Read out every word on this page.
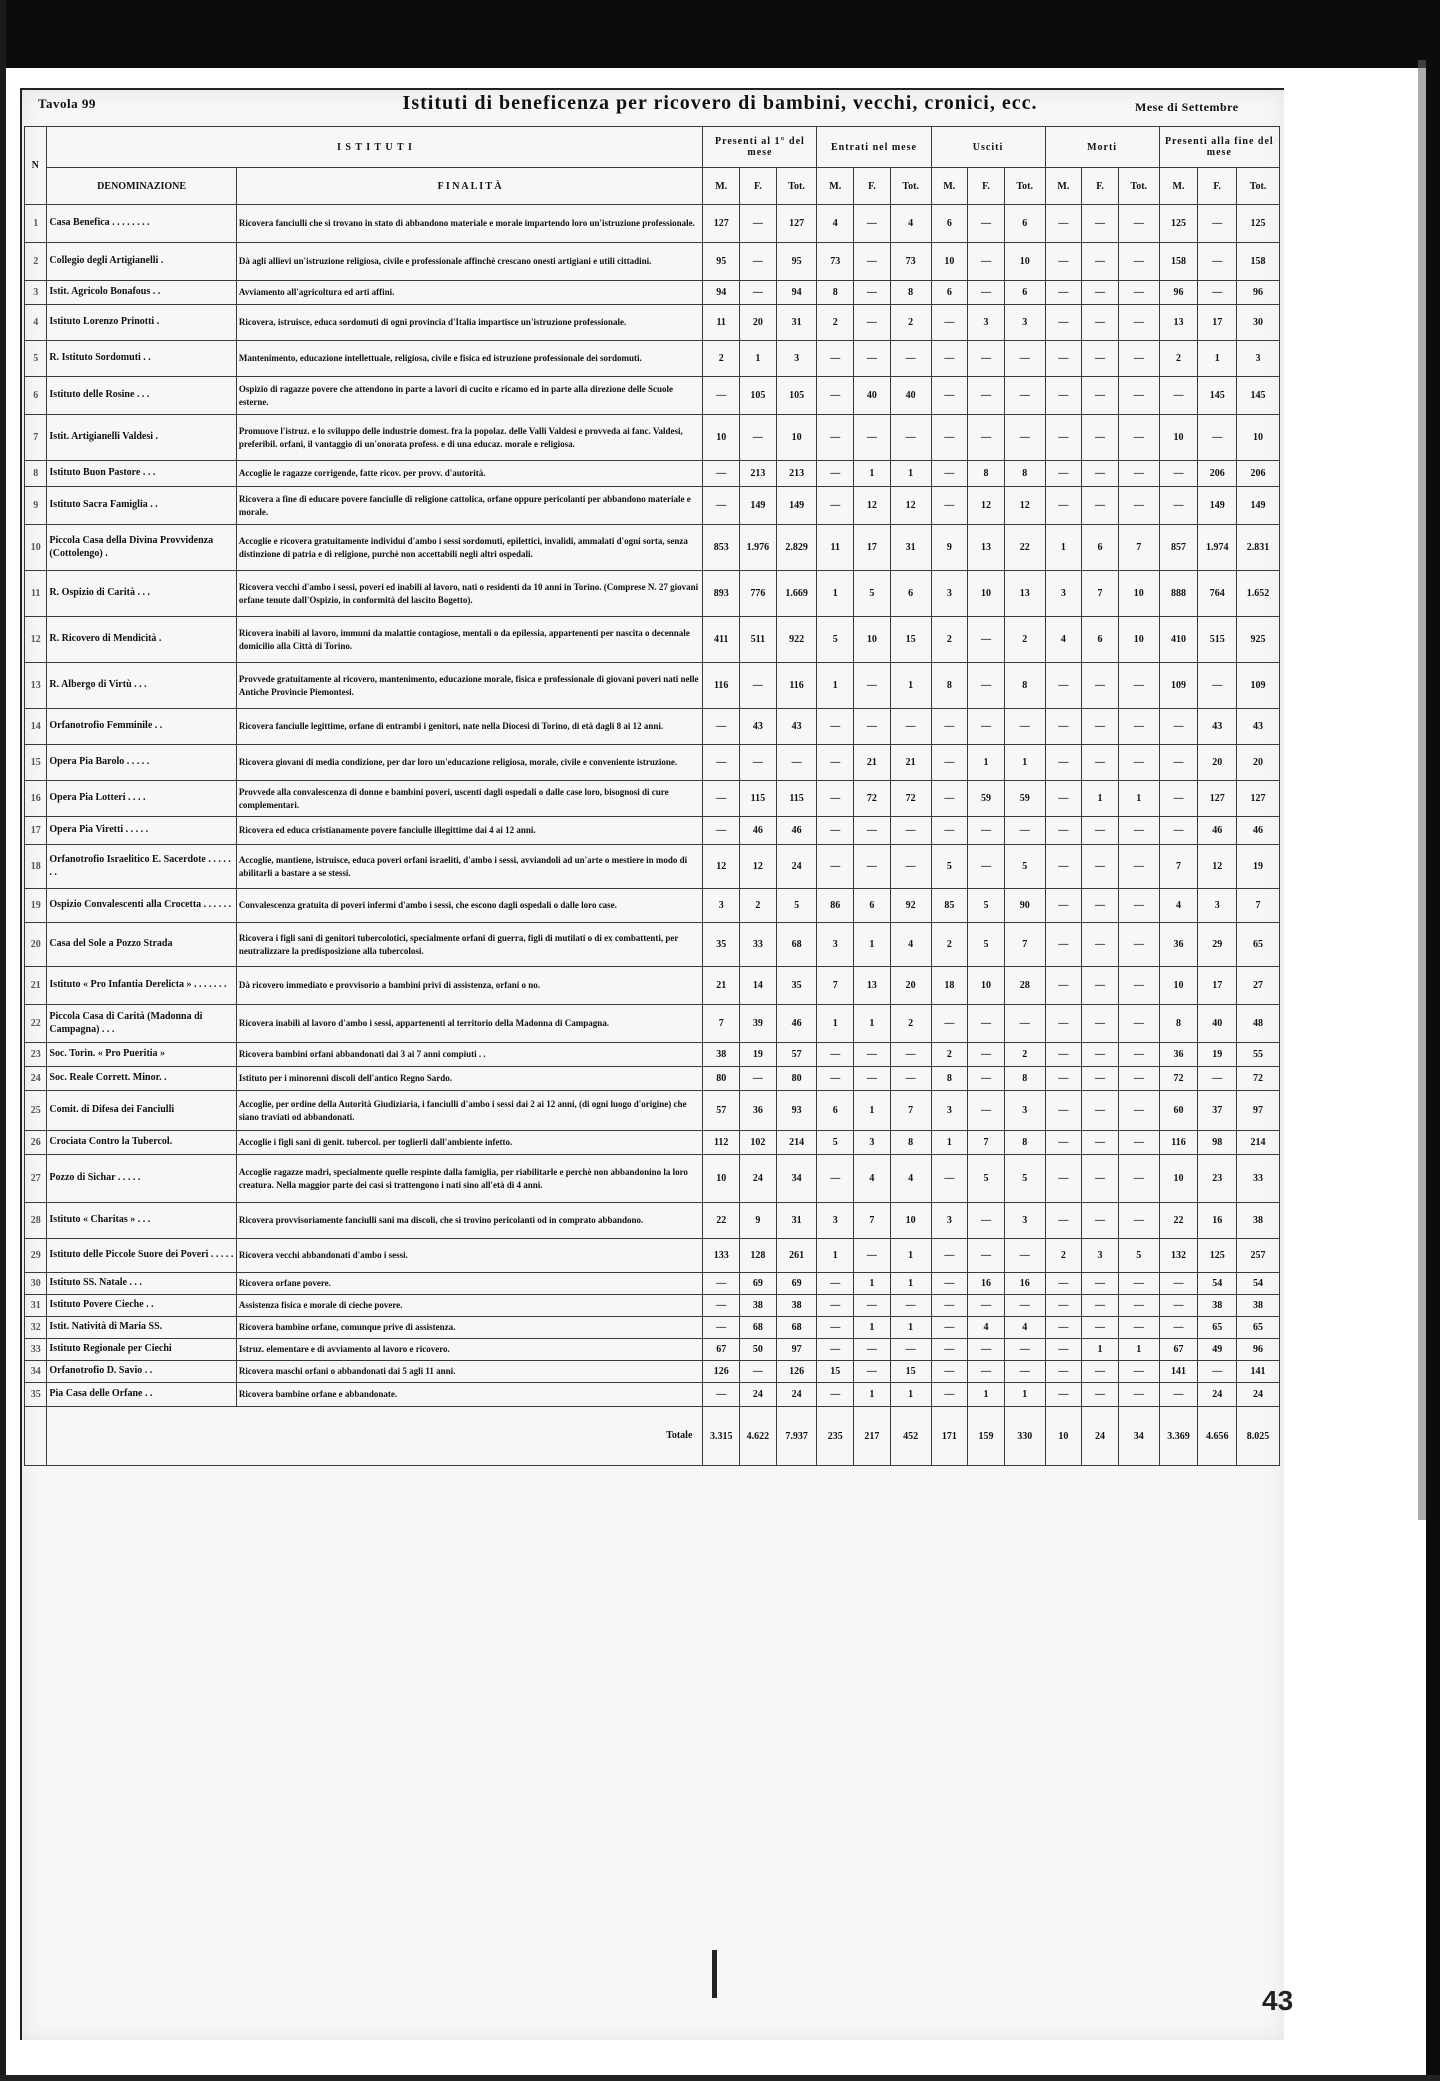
Tavola 99	Istituti di beneficenza per ricovero di bambini, vecchi, cronici, ecc.	Mese di Settembre
N	I S T I T U T I		Presenti al 1° del mese			Entrati nel mese			Usciti			Morti			Presenti alla fine del mese		
	DENOMINAZIONE	F I N A L I T À	M.	F.	Tot.	M.	F.	Tot.	M.	F.	Tot.	M.	F.	Tot.	M.	F.	Tot.
1	Casa Benefica . . . . . . . .	Ricovera fanciulli che si trovano in stato di abbandono materiale e morale impartendo loro un'istruzione professionale.	127	—	127	4	—	4	6	—	6	—	—	—	125	—	125
2	Collegio degli Artigianelli .	Dà agli allievi un'istruzione religiosa, civile e professionale affinchè crescano onesti artigiani e utili cittadini.	95	—	95	73	—	73	10	—	10	—	—	—	158	—	158
3	Istit. Agricolo Bonafous . .	Avviamento all'agricoltura ed arti affini.	94	—	94	8	—	8	6	—	6	—	—	—	96	—	96
4	Istituto Lorenzo Prinotti .	Ricovera, istruisce, educa sordomuti di ogni provincia d'Italia impartisce un'istruzione professionale.	11	20	31	2	—	2	—	3	3	—	—	—	13	17	30
5	R. Istituto Sordomuti . .	Mantenimento, educazione intellettuale, religiosa, civile e fisica ed istruzione professionale dei sordomuti.	2	1	3	—	—	—	—	—	—	—	—	—	2	1	3
6	Istituto delle Rosine . . .	Ospizio di ragazze povere che attendono in parte a lavori di cucito e ricamo ed in parte alla direzione delle Scuole esterne.	—	105	105	—	40	40	—	—	—	—	—	—	—	145	145
7	Istit. Artigianelli Valdesi .	Promuove l'istruz. e lo sviluppo delle industrie domest. fra la popolaz. delle Valli Valdesi e provveda ai fanc. Valdesi, preferibil. orfani, il vantaggio di un'onorata profess. e di una educaz. morale e religiosa.	10	—	10	—	—	—	—	—	—	—	—	—	10	—	10
8	Istituto Buon Pastore . . .	Accoglie le ragazze corrigende, fatte ricov. per provv. d'autorità.	—	213	213	—	1	1	—	8	8	—	—	—	—	206	206
9	Istituto Sacra Famiglia . .	Ricovera a fine di educare povere fanciulle di religione cattolica, orfane oppure pericolanti per abbandono materiale e morale.	—	149	149	—	12	12	—	12	12	—	—	—	—	149	149
10	Piccola Casa della Divina Provvidenza (Cottolengo) .	Accoglie e ricovera gratuitamente individui d'ambo i sessi sordomuti, epilettici, invalidi, ammalati d'ogni sorta, senza distinzione di patria e di religione, purchè non accettabili negli altri ospedali.	853	1.976	2.829	11	17	31	9	13	22	1	6	7	857	1.974	2.831
11	R. Ospizio di Carità . . .	Ricovera vecchi d'ambo i sessi, poveri ed inabili al lavoro, nati o residenti da 10 anni in Torino. (Comprese N. 27 giovani orfane tenute dall'Ospizio, in conformità del lascito Bogetto).	893	776	1.669	1	5	6	3	10	13	3	7	10	888	764	1.652
12	R. Ricovero di Mendicità .	Ricovera inabili al lavoro, immuni da malattie contagiose, mentali o da epilessia, appartenenti per nascita o decennale domicilio alla Città di Torino.	411	511	922	5	10	15	2	—	2	4	6	10	410	515	925
13	R. Albergo di Virtù . . .	Provvede gratuitamente al ricovero, mantenimento, educazione morale, fisica e professionale di giovani poveri nati nelle Antiche Provincie Piemontesi.	116	—	116	1	—	1	8	—	8	—	—	—	109	—	109
14	Orfanotrofio Femminile . .	Ricovera fanciulle legittime, orfane di entrambi i genitori, nate nella Diocesi di Torino, di età dagli 8 ai 12 anni.	—	43	43	—	—	—	—	—	—	—	—	—	—	43	43
15	Opera Pia Barolo . . . . .	Ricovera giovani di media condizione, per dar loro un'educazione religiosa, morale, civile e conveniente istruzione.	—	—	—	—	21	21	—	1	1	—	—	—	—	20	20
16	Opera Pia Lotteri . . . .	Provvede alla convalescenza di donne e bambini poveri, uscenti dagli ospedali o dalle case loro, bisognosi di cure complementari.	—	115	115	—	72	72	—	59	59	—	1	1	—	127	127
17	Opera Pia Viretti . . . . .	Ricovera ed educa cristianamente povere fanciulle illegittime dai 4 ai 12 anni.	—	46	46	—	—	—	—	—	—	—	—	—	—	46	46
18	Orfanotrofio Israelitico E. Sacerdote . . . . . . .	Accoglie, mantiene, istruisce, educa poveri orfani israeliti, d'ambo i sessi, avviandoli ad un'arte o mestiere in modo di abilitarli a bastare a se stessi.	12	12	24	—	—	—	5	—	5	—	—	—	7	12	19
19	Ospizio Convalescenti alla Crocetta . . . . . .	Convalescenza gratuita di poveri infermi d'ambo i sessi, che escono dagli ospedali o dalle loro case.	3	2	5	86	6	92	85	5	90	—	—	—	4	3	7
20	Casa del Sole a Pozzo Strada	Ricovera i figli sani di genitori tubercolotici, specialmente orfani di guerra, figli di mutilati o di ex combattenti, per neutralizzare la predisposizione alla tubercolosi.	35	33	68	3	1	4	2	5	7	—	—	—	36	29	65
21	Istituto « Pro Infantia Derelicta » . . . . . . .	Dà ricovero immediato e provvisorio a bambini privi di assistenza, orfani o no.	21	14	35	7	13	20	18	10	28	—	—	—	10	17	27
22	Piccola Casa di Carità (Madonna di Campagna) . . .	Ricovera inabili al lavoro d'ambo i sessi, appartenenti al territorio della Madonna di Campagna.	7	39	46	1	1	2	—	—	—	—	—	—	8	40	48
23	Soc. Torin. « Pro Pueritia »	Ricovera bambini orfani abbandonati dai 3 ai 7 anni compiuti . .	38	19	57	—	—	—	2	—	2	—	—	—	36	19	55
24	Soc. Reale Corrett. Minor. .	Istituto per i minorenni discoli dell'antico Regno Sardo.	80	—	80	—	—	—	8	—	8	—	—	—	72	—	72
25	Comit. di Difesa dei Fanciulli	Accoglie, per ordine della Autorità Giudiziaria, i fanciulli d'ambo i sessi dai 2 ai 12 anni, (di ogni luogo d'origine) che siano traviati od abbandonati.	57	36	93	6	1	7	3	—	3	—	—	—	60	37	97
26	Crociata Contro la Tubercol.	Accoglie i figli sani di genit. tubercol. per toglierli dall'ambiente infetto.	112	102	214	5	3	8	1	7	8	—	—	—	116	98	214
27	Pozzo di Sichar . . . . .	Accoglie ragazze madri, specialmente quelle respinte dalla famiglia, per riabilitarle e perchè non abbandonino la loro creatura. Nella maggior parte dei casi si trattengono i nati sino all'età di 4 anni.	10	24	34	—	4	4	—	5	5	—	—	—	10	23	33
28	Istituto « Charitas » . . .	Ricovera provvisoriamente fanciulli sani ma discoli, che si trovino pericolanti od in comprato abbandono.	22	9	31	3	7	10	3	—	3	—	—	—	22	16	38
29	Istituto delle Piccole Suore dei Poveri . . . . .	Ricovera vecchi abbandonati d'ambo i sessi.	133	128	261	1	—	1	—	—	—	2	3	5	132	125	257
30	Istituto SS. Natale . . .	Ricovera orfane povere.	—	69	69	—	1	1	—	16	16	—	—	—	—	54	54
31	Istituto Povere Cieche . .	Assistenza fisica e morale di cieche povere.	—	38	38	—	—	—	—	—	—	—	—	—	—	38	38
32	Istit. Natività di Maria SS.	Ricovera bambine orfane, comunque prive di assistenza.	—	68	68	—	1	1	—	4	4	—	—	—	—	65	65
33	Istituto Regionale per Ciechi	Istruz. elementare e di avviamento al lavoro e ricovero.	67	50	97	—	—	—	—	—	—	—	1	1	67	49	96
34	Orfanotrofio D. Savio . .	Ricovera maschi orfani o abbandonati dai 5 agli 11 anni.	126	—	126	15	—	15	—	—	—	—	—	—	141	—	141
35	Pia Casa delle Orfane . .	Ricovera bambine orfane e abbandonate.	—	24	24	—	1	1	—	1	1	—	—	—	—	24	24
	Totale		3.315	4.622	7.937	235	217	452	171	159	330	10	24	34	3.369	4.656	8.025
43
